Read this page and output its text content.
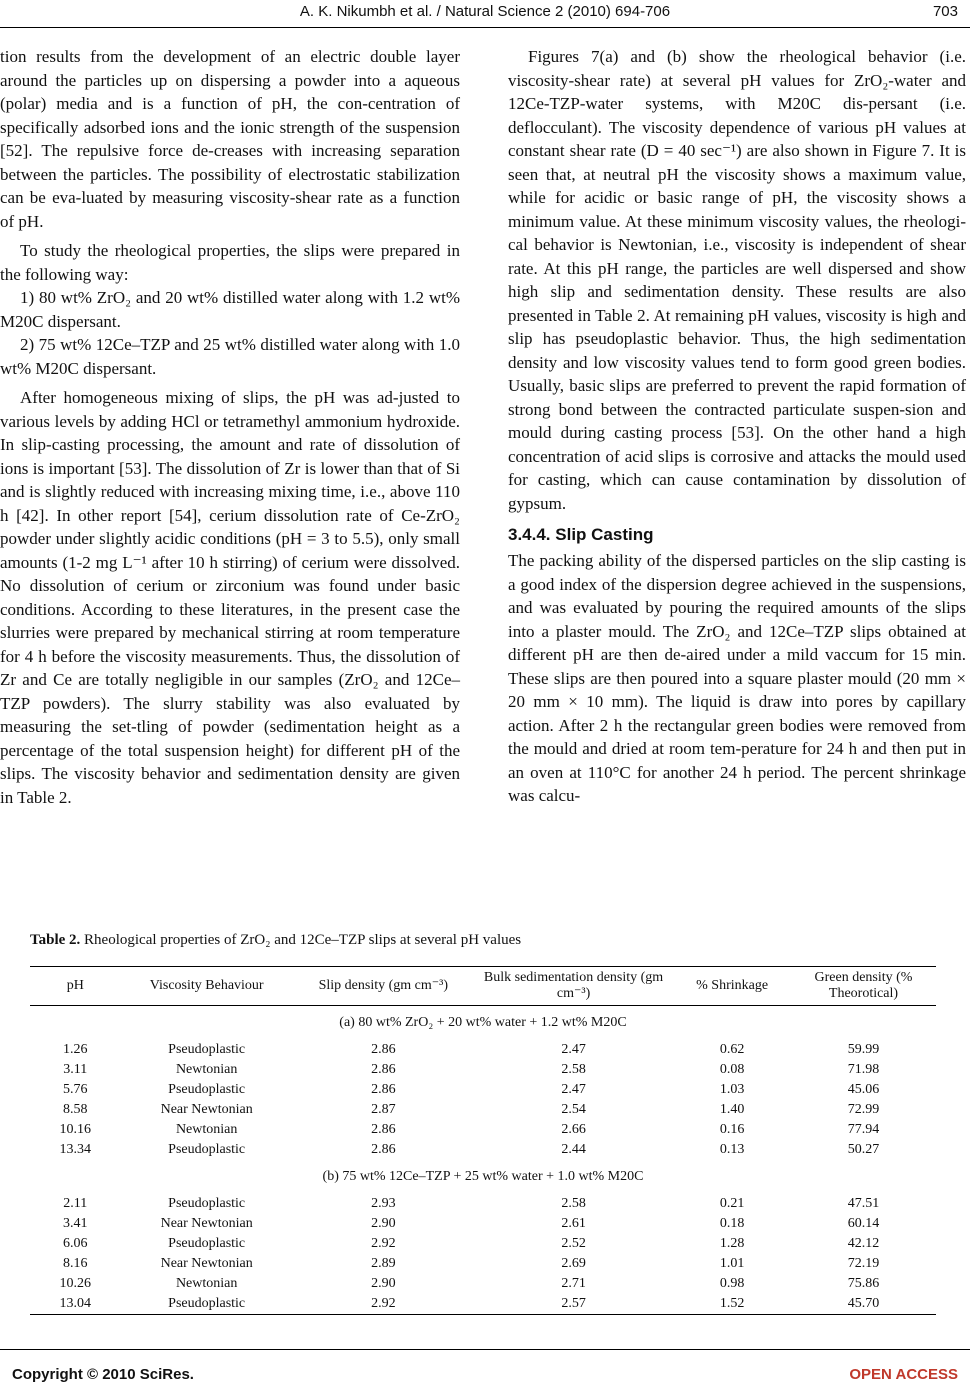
A. K. Nikumbh et al. / Natural Science 2 (2010) 694-706	703

tion results from the development of an electric double layer around the particles up on dispersing a powder into a aqueous (polar) media and is a function of pH, the con-centration of specifically adsorbed ions and the ionic strength of the suspension [52]. The repulsive force de-creases with increasing separation between the particles. The possibility of electrostatic stabilization can be eva-luated by measuring viscosity-shear rate as a function of pH.

To study the rheological properties, the slips were prepared in the following way:

1) 80 wt% ZrO₂ and 20 wt% distilled water along with 1.2 wt% M20C dispersant.

2) 75 wt% 12Ce–TZP and 25 wt% distilled water along with 1.0 wt% M20C dispersant.

After homogeneous mixing of slips, the pH was ad-justed to various levels by adding HCl or tetramethyl ammonium hydroxide. In slip-casting processing, the amount and rate of dissolution of ions is important [53]. The dissolution of Zr is lower than that of Si and is slightly reduced with increasing mixing time, i.e., above 110 h [42]. In other report [54], cerium dissolution rate of Ce-ZrO₂ powder under slightly acidic conditions (pH = 3 to 5.5), only small amounts (1-2 mg L⁻¹ after 10 h stirring) of cerium were dissolved. No dissolution of cerium or zirconium was found under basic conditions. According to these literatures, in the present case the slurries were prepared by mechanical stirring at room temperature for 4 h before the viscosity measurements. Thus, the dissolution of Zr and Ce are totally negligible in our samples (ZrO₂ and 12Ce–TZP powders). The slurry stability was also evaluated by measuring the set-tling of powder (sedimentation height as a percentage of the total suspension height) for different pH of the slips. The viscosity behavior and sedimentation density are given in Table 2.

Figures 7(a) and (b) show the rheological behavior (i.e. viscosity-shear rate) at several pH values for ZrO₂-water and 12Ce-TZP-water systems, with M20C dis-persant (i.e. deflocculant). The viscosity dependence of various pH values at constant shear rate (D = 40 sec⁻¹) are also shown in Figure 7. It is seen that, at neutral pH the viscosity shows a maximum value, while for acidic or basic range of pH, the viscosity shows a minimum value. At these minimum viscosity values, the rheologi-cal behavior is Newtonian, i.e., viscosity is independent of shear rate. At this pH range, the particles are well dispersed and show high slip and sedimentation density. These results are also presented in Table 2. At remaining pH values, viscosity is high and slip has pseudoplastic behavior. Thus, the high sedimentation density and low viscosity values tend to form good green bodies. Usually, basic slips are preferred to prevent the rapid formation of strong bond between the contracted particulate suspen-sion and mould during casting process [53]. On the other hand a high concentration of acid slips is corrosive and attacks the mould used for casting, which can cause contamination by dissolution of gypsum.

3.4.4. Slip Casting

The packing ability of the dispersed particles on the slip casting is a good index of the dispersion degree achieved in the suspensions, and was evaluated by pouring the required amounts of the slips into a plaster mould. The ZrO₂ and 12Ce–TZP slips obtained at different pH are then de-aired under a mild vaccum for 15 min. These slips are then poured into a square plaster mould (20 mm × 20 mm × 10 mm). The liquid is draw into pores by capillary action. After 2 h the rectangular green bodies were removed from the mould and dried at room tem-perature for 24 h and then put in an oven at 110°C for another 24 h period. The percent shrinkage was calcu-

Table 2. Rheological properties of ZrO₂ and 12Ce–TZP slips at several pH values
pH	Viscosity Behaviour	Slip density (gm cm⁻³)	Bulk sedimentation density (gm cm⁻³)	% Shrinkage	Green density (% Theorotical)
(a) 80 wt% ZrO₂ + 20 wt% water + 1.2 wt% M20C					
1.26	Pseudoplastic	2.86	2.47	0.62	59.99
3.11	Newtonian	2.86	2.58	0.08	71.98
5.76	Pseudoplastic	2.86	2.47	1.03	45.06
8.58	Near Newtonian	2.87	2.54	1.40	72.99
10.16	Newtonian	2.86	2.66	0.16	77.94
13.34	Pseudoplastic	2.86	2.44	0.13	50.27
(b) 75 wt% 12Ce–TZP + 25 wt% water + 1.0 wt% M20C					
2.11	Pseudoplastic	2.93	2.58	0.21	47.51
3.41	Near Newtonian	2.90	2.61	0.18	60.14
6.06	Pseudoplastic	2.92	2.52	1.28	42.12
8.16	Near Newtonian	2.89	2.69	1.01	72.19
10.26	Newtonian	2.90	2.71	0.98	75.86
13.04	Pseudoplastic	2.92	2.57	1.52	45.70
Copyright © 2010 SciRes.	OPEN ACCESS
